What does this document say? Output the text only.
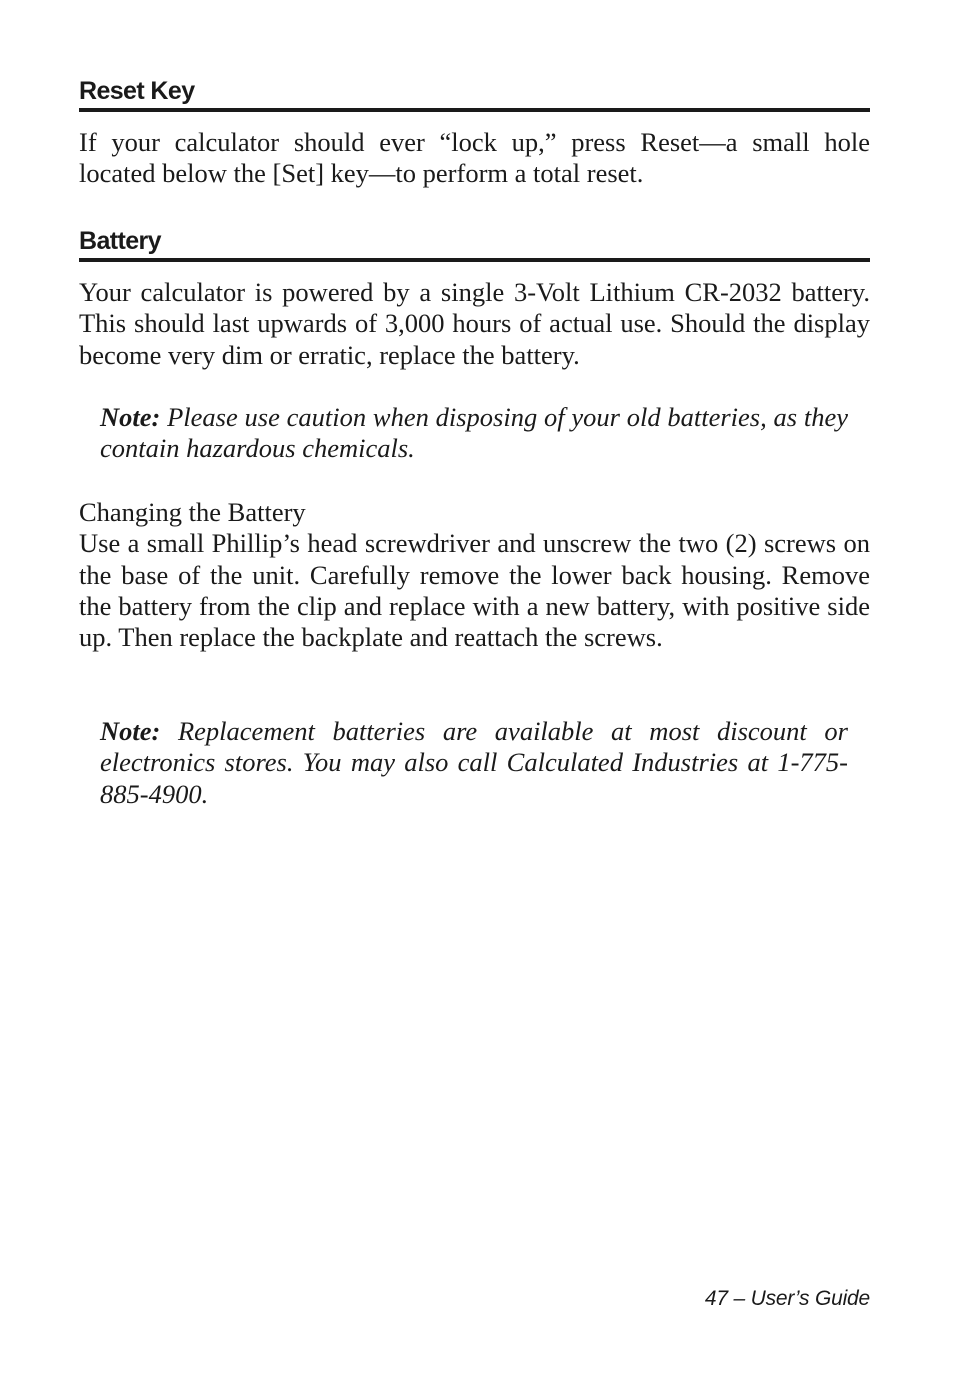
Reset Key

If your calculator should ever “lock up,” press Reset—a small hole located below the [Set] key—to perform a total reset.

Battery

Your calculator is powered by a single 3-Volt Lithium CR-2032 battery. This should last upwards of 3,000 hours of actual use. Should the display become very dim or erratic, replace the battery.

Note: Please use caution when disposing of your old batteries, as they contain hazardous chemicals.

Changing the Battery

Use a small Phillip’s head screwdriver and unscrew the two (2) screws on the base of the unit. Carefully remove the lower back housing. Remove the battery from the clip and replace with a new battery, with positive side up. Then replace the backplate and reattach the screws.

Note: Replacement batteries are available at most discount or electronics stores. You may also call Calculated Industries at 1-775-885-4900.

47 – User’s Guide
